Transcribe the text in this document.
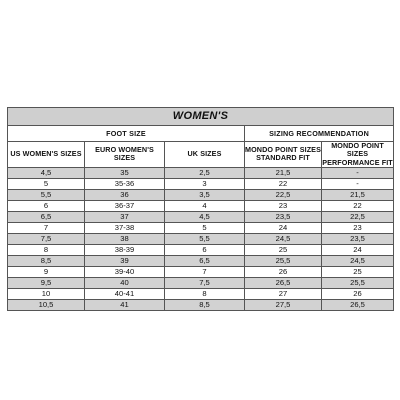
WOMEN'S				
FOOT SIZE			SIZING RECOMMENDATION	
US WOMEN'S SIZES	EURO WOMEN'S SIZES	UK SIZES	MONDO POINT SIZES STANDARD FIT	MONDO POINT SIZES PERFORMANCE FIT
4,5	35	2,5	21,5	-
5	35-36	3	22	-
5,5	36	3,5	22,5	21,5
6	36-37	4	23	22
6,5	37	4,5	23,5	22,5
7	37-38	5	24	23
7,5	38	5,5	24,5	23,5
8	38-39	6	25	24
8,5	39	6,5	25,5	24,5
9	39-40	7	26	25
9,5	40	7,5	26,5	25,5
10	40-41	8	27	26
10,5	41	8,5	27,5	26,5
